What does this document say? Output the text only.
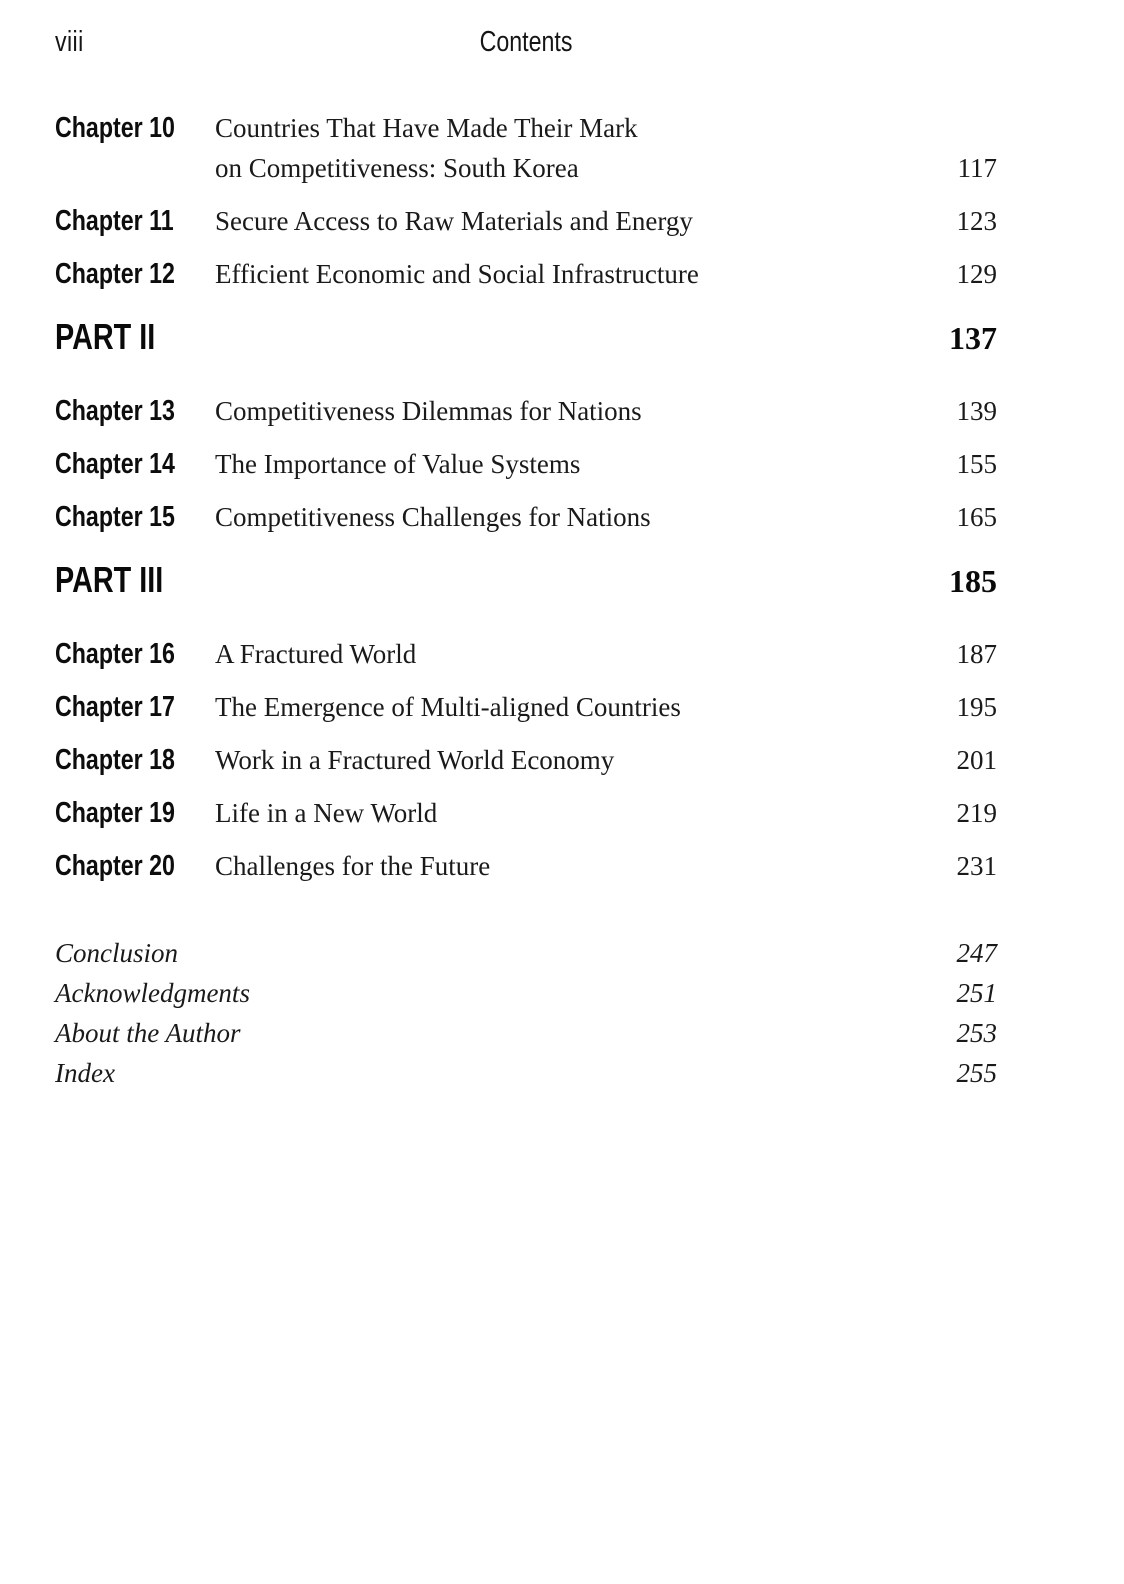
viii	Contents
Chapter 10	Countries That Have Made Their Mark
on Competitiveness: South Korea	117
Chapter 11	Secure Access to Raw Materials and Energy	123
Chapter 12	Efficient Economic and Social Infrastructure	129
PART II	137
Chapter 13	Competitiveness Dilemmas for Nations	139
Chapter 14	The Importance of Value Systems	155
Chapter 15	Competitiveness Challenges for Nations	165
PART III	185
Chapter 16	A Fractured World	187
Chapter 17	The Emergence of Multi-aligned Countries	195
Chapter 18	Work in a Fractured World Economy	201
Chapter 19	Life in a New World	219
Chapter 20	Challenges for the Future	231
Conclusion	247
Acknowledgments	251
About the Author	253
Index	255
